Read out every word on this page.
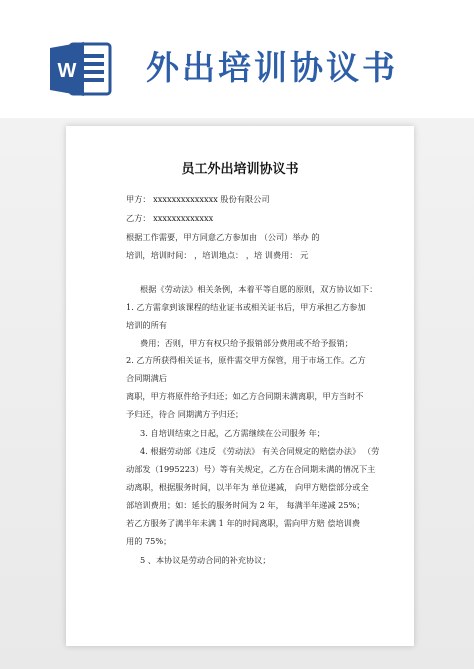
W 外出培训协议书
员工外出培训协议书
甲方： xxxxxxxxxxxxxx 股份有限公司
乙方： xxxxxxxxxxxxx
根据工作需要，甲方同意乙方参加由 （公司）举办 的
培训，培训时间： ，培训地点： ，培 训费用： 元
根据《劳动法》相关条例，本着平等自愿的原则，双方协议如下：
1. 乙方需拿到该课程的结业证书或相关证书后，甲方承担乙方参加
培训的所有
费用；否则，甲方有权只给予报销部分费用或不给予报销；
2. 乙方所获得相关证书，原件需交甲方保管，用于市场工作。乙方
合同期满后
离职，甲方将原件给予归还；如乙方合同期未满离职，甲方当时不
予归还，待合 同期满方予归还；
3. 自培训结束之日起，乙方需继续在公司服务 年；
4. 根据劳动部《违反 《劳动法》 有关合同规定的赔偿办法》 （劳
动部发（1995223）号）等有关规定，乙方在合同期未满的情况下主
动离职，根据服务时间，以半年为 单位递减， 向甲方赔偿部分或全
部培训费用；如：延长的服务时间为 2 年， 每满半年递减 25%；
若乙方服务了满半年未满 1 年的时间离职，需向甲方赔 偿培训费
用的 75%；
5 、本协议是劳动合同的补充协议；
